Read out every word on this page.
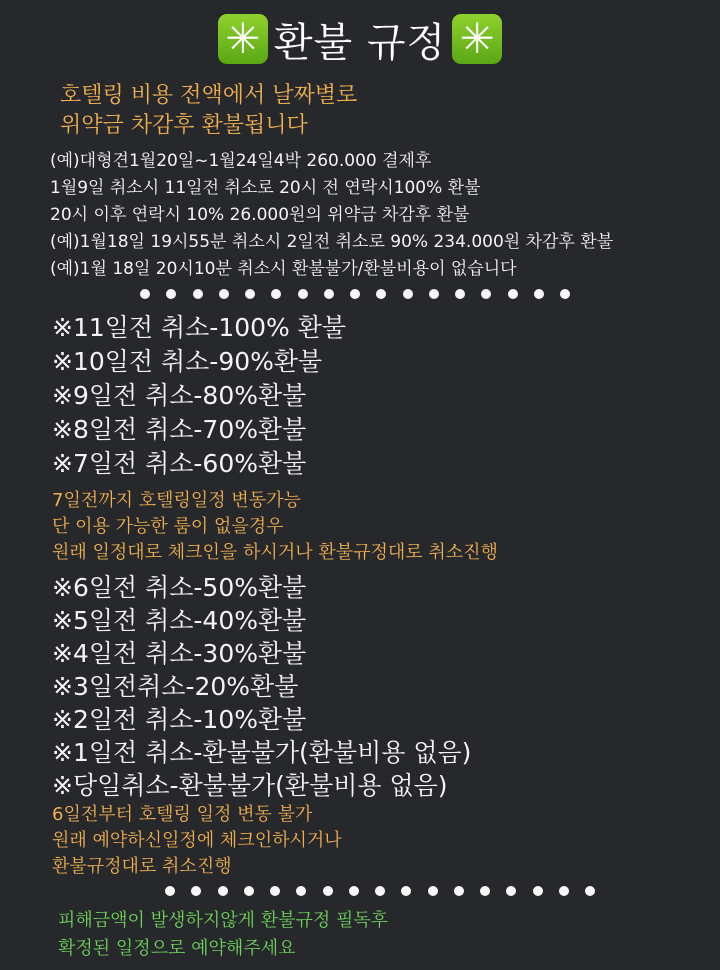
✳ 환불 규정 ✳
호텔링 비용 전액에서 날짜별로
위약금 차감후 환불됩니다
(예)대형견1월20일~1월24일4박 260.000 결제후
1월9일 취소시 11일전 취소로 20시 전 연락시100% 환불
20시 이후 연락시 10% 26.000원의 위약금 차감후 환불
(예)1월18일 19시55분 취소시 2일전 취소로 90% 234.000원 차감후 환불
(예)1월 18일 20시10분 취소시 환불불가/환불비용이 없습니다
※11일전 취소-100% 환불
※10일전 취소-90%환불
※9일전 취소-80%환불
※8일전 취소-70%환불
※7일전 취소-60%환불
7일전까지 호텔링일정 변동가능
단 이용 가능한 룸이 없을경우
원래 일정대로 체크인을 하시거나 환불규정대로 취소진행
※6일전 취소-50%환불
※5일전 취소-40%환불
※4일전 취소-30%환불
※3일전취소-20%환불
※2일전 취소-10%환불
※1일전 취소-환불불가(환불비용 없음)
※당일취소-환불불가(환불비용 없음)
6일전부터 호텔링 일정 변동 불가
원래 예약하신일정에 체크인하시거나
환불규정대로 취소진행
피해금액이 발생하지않게 환불규정 필독후
확정된 일정으로 예약해주세요
